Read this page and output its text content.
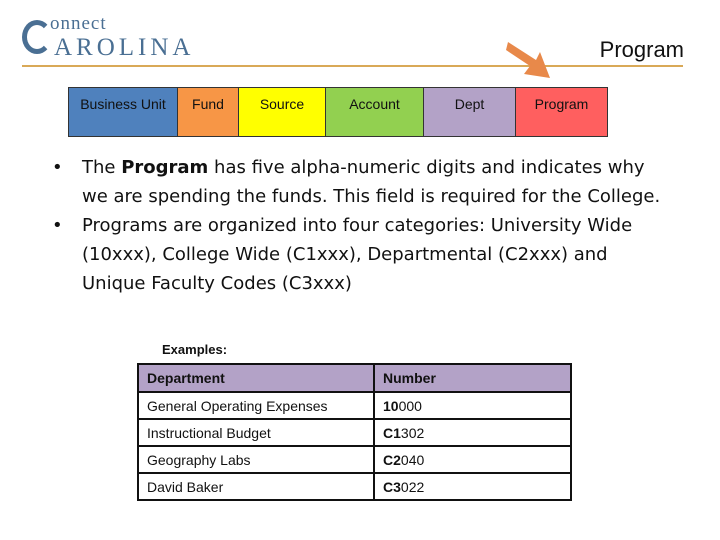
onnect
AROLINA	Program
Business Unit	Fund	Source	Account	Dept	Program
• The Program has five alpha-numeric digits and indicates why we are spending the funds. This field is required for the College.
• Programs are organized into four categories: University Wide (10xxx), College Wide (C1xxx), Departmental (C2xxx) and Unique Faculty Codes (C3xxx)
Examples:
Department	Number
General Operating Expenses	10000
Instructional Budget	C1302
Geography Labs	C2040
David Baker	C3022
